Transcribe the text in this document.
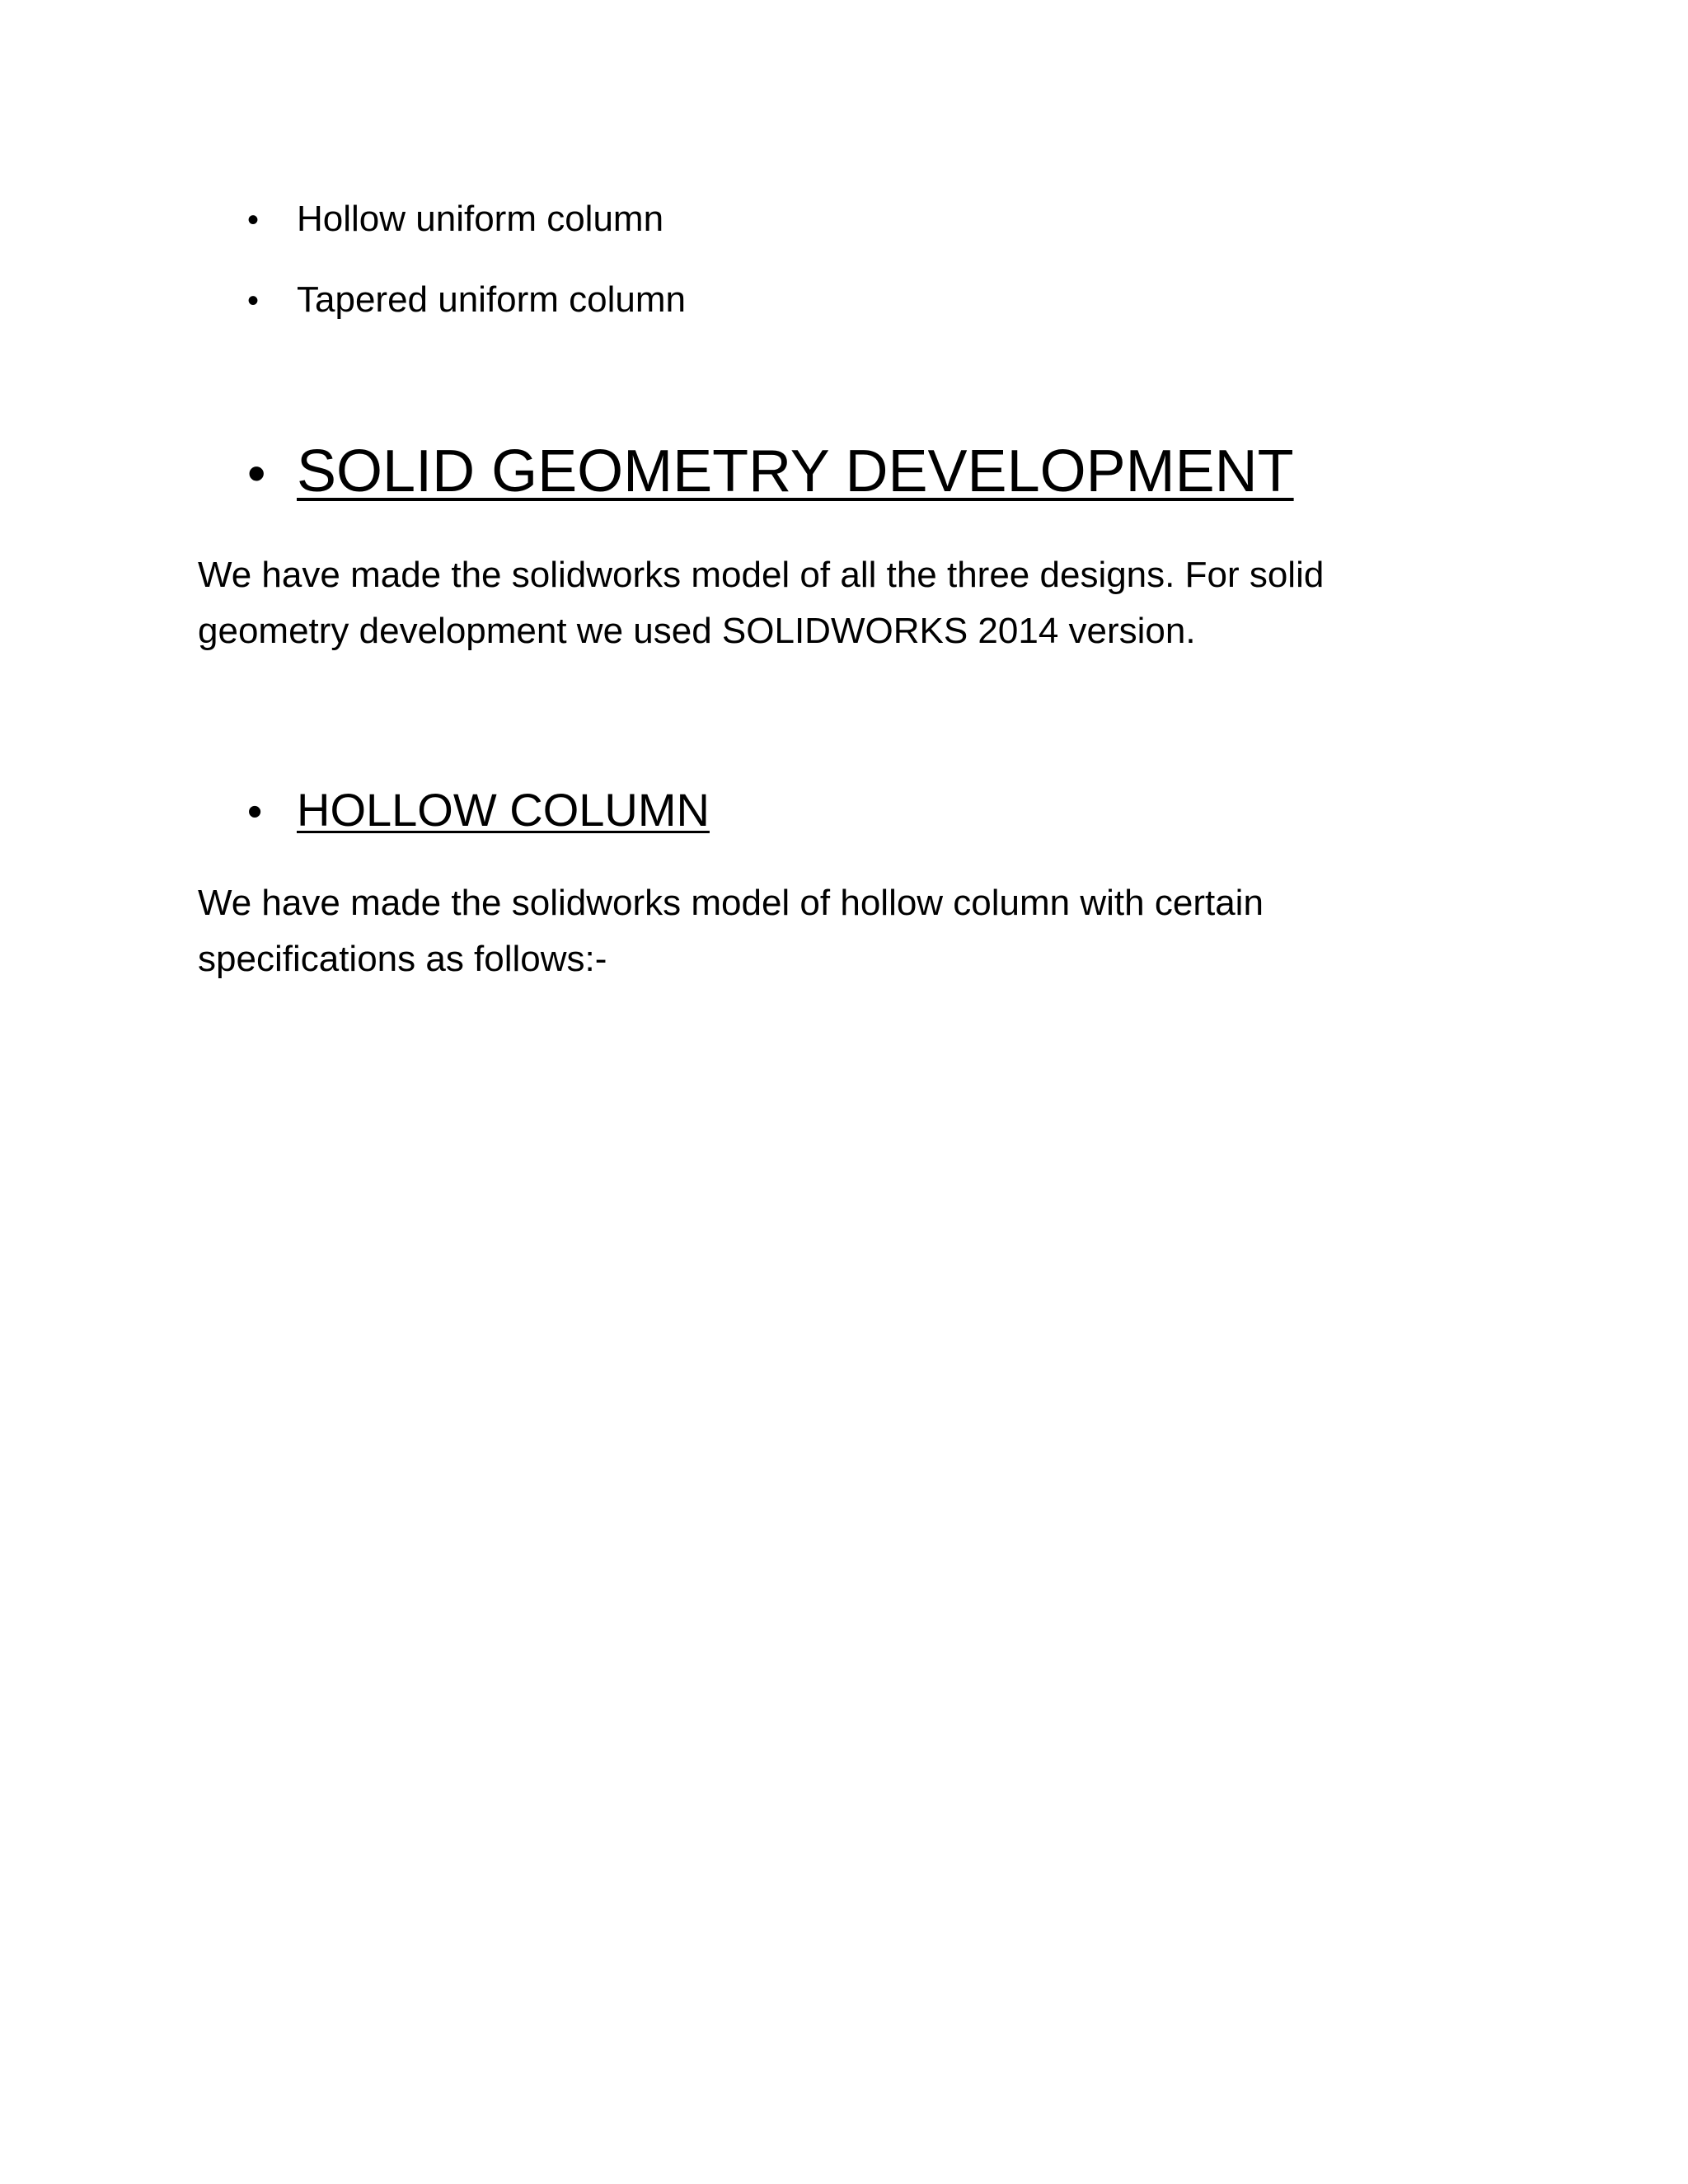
•	Hollow uniform column
•	Tapered uniform column
• SOLID GEOMETRY DEVELOPMENT

We have made the solidworks model of all the three designs. For solid
geometry development we used SOLIDWORKS 2014 version.

• HOLLOW COLUMN

We have made the solidworks model of hollow column with certain
specifications as follows:-
